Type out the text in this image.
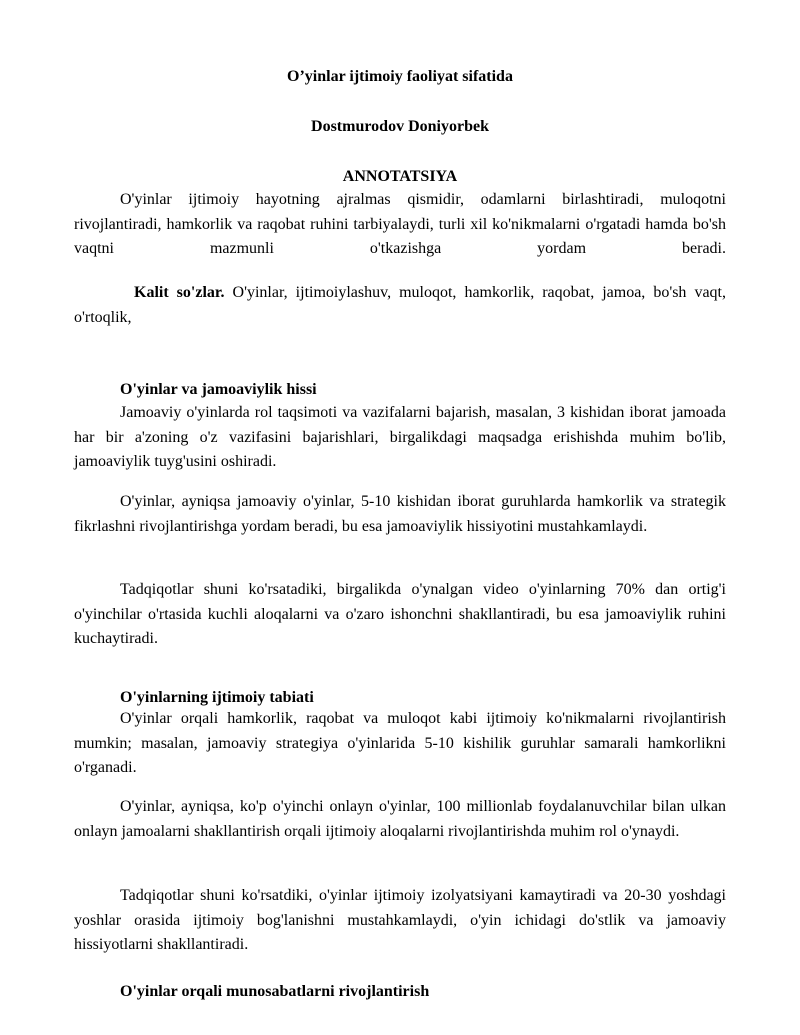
O’yinlar ijtimoiy faoliyat sifatida
Dostmurodov Doniyorbek
ANNOTATSIYA

O'yinlar ijtimoiy hayotning ajralmas qismidir, odamlarni birlashtiradi, muloqotni rivojlantiradi, hamkorlik va raqobat ruhini tarbiyalaydi, turli xil ko'nikmalarni o'rgatadi hamda bo'sh vaqtni mazmunli o'tkazishga yordam beradi.

Kalit so'zlar. O'yinlar, ijtimoiylashuv, muloqot, hamkorlik, raqobat, jamoa, bo'sh vaqt, o'rtoqlik,

O'yinlar va jamoaviylik hissi

Jamoaviy o'yinlarda rol taqsimoti va vazifalarni bajarish, masalan, 3 kishidan iborat jamoada har bir a'zoning o'z vazifasini bajarishlari, birgalikdagi maqsadga erishishda muhim bo'lib, jamoaviylik tuyg'usini oshiradi.

O'yinlar, ayniqsa jamoaviy o'yinlar, 5-10 kishidan iborat guruhlarda hamkorlik va strategik fikrlashni rivojlantirishga yordam beradi, bu esa jamoaviylik hissiyotini mustahkamlaydi.

Tadqiqotlar shuni ko'rsatadiki, birgalikda o'ynalgan video o'yinlarning 70% dan ortig'i o'yinchilar o'rtasida kuchli aloqalarni va o'zaro ishonchni shakllantiradi, bu esa jamoaviylik ruhini kuchaytiradi.

O'yinlarning ijtimoiy tabiati

O'yinlar orqali hamkorlik, raqobat va muloqot kabi ijtimoiy ko'nikmalarni rivojlantirish mumkin; masalan, jamoaviy strategiya o'yinlarida 5-10 kishilik guruhlar samarali hamkorlikni o'rganadi.

O'yinlar, ayniqsa, ko'p o'yinchi onlayn o'yinlar, 100 millionlab foydalanuvchilar bilan ulkan onlayn jamoalarni shakllantirish orqali ijtimoiy aloqalarni rivojlantirishda muhim rol o'ynaydi.

Tadqiqotlar shuni ko'rsatdiki, o'yinlar ijtimoiy izolyatsiyani kamaytiradi va 20-30 yoshdagi yoshlar orasida ijtimoiy bog'lanishni mustahkamlaydi, o'yin ichidagi do'stlik va jamoaviy hissiyotlarni shakllantiradi.

O'yinlar orqali munosabatlarni rivojlantirish
